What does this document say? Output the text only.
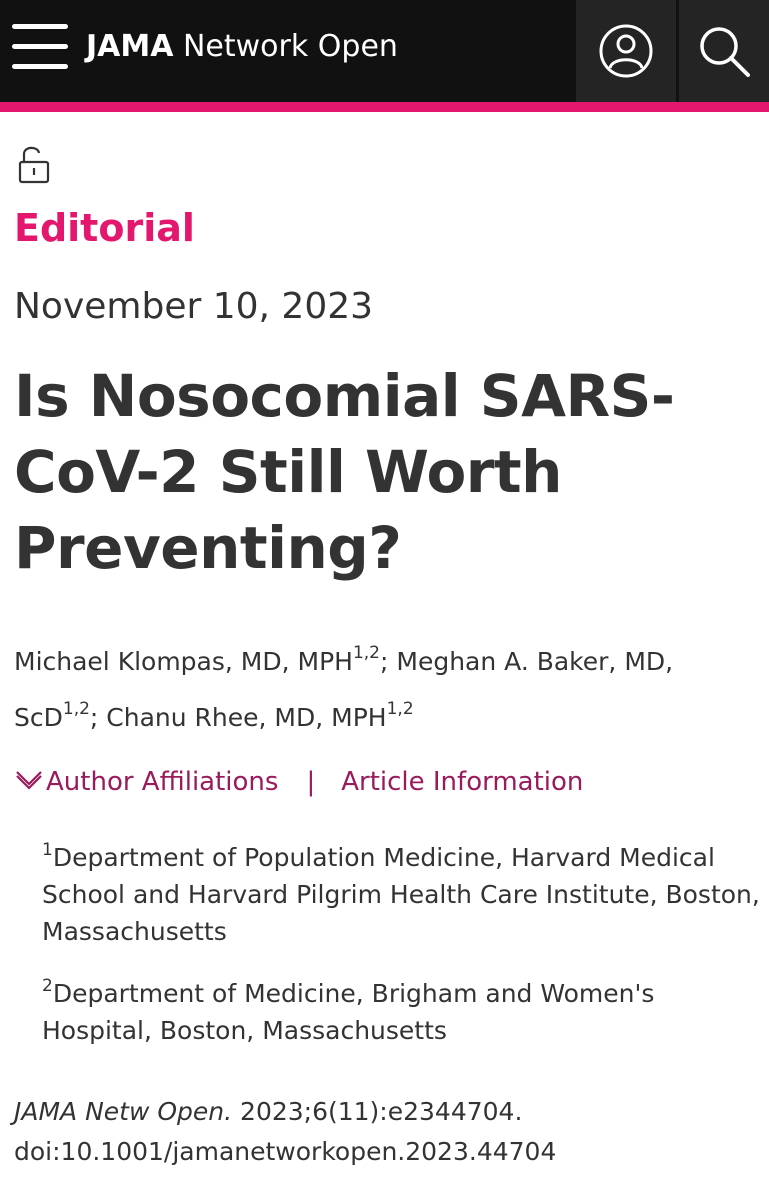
JAMA Network Open
Editorial
November 10, 2023
Is Nosocomial SARS-CoV-2 Still Worth Preventing?
Michael Klompas, MD, MPH$^{1,2}$; Meghan A. Baker, MD, ScD$^{1,2}$; Chanu Rhee, MD, MPH$^{1,2}$
Author Affiliations | Article Information
$^1$Department of Population Medicine, Harvard Medical School and Harvard Pilgrim Health Care Institute, Boston, Massachusetts
$^2$Department of Medicine, Brigham and Women's Hospital, Boston, Massachusetts
JAMA Netw Open. 2023;6(11):e2344704.
doi:10.1001/jamanetworkopen.2023.44704
